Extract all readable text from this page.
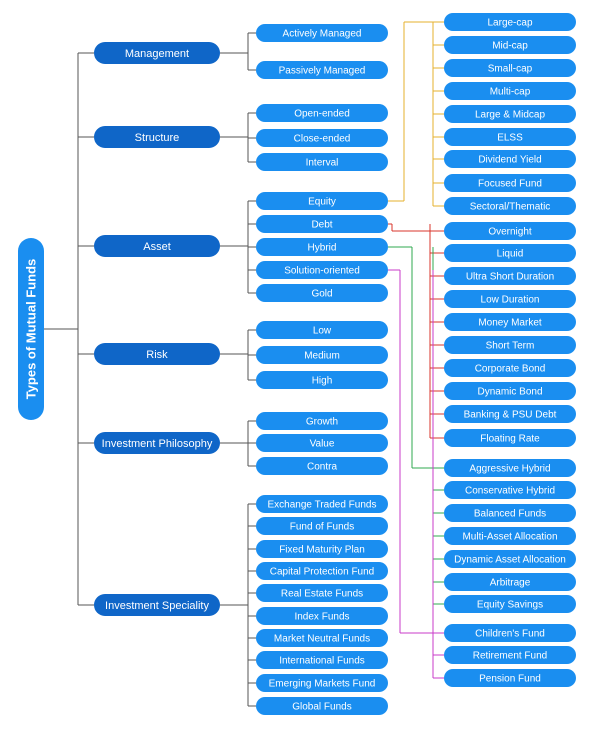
Types of Mutual Funds
Management
Actively Managed
Passively Managed
Structure
Open-ended
Close-ended
Interval
Asset
Equity
Debt
Hybrid
Solution-oriented
Gold
Risk
Low
Medium
High
Investment Philosophy
Growth
Value
Contra
Investment Speciality
Exchange Traded Funds
Fund of Funds
Fixed Maturity Plan
Capital Protection Fund
Real Estate Funds
Index Funds
Market Neutral Funds
International Funds
Emerging Markets Fund
Global Funds
Large-cap
Mid-cap
Small-cap
Multi-cap
Large & Midcap
ELSS
Dividend Yield
Focused Fund
Sectoral/Thematic
Overnight
Liquid
Ultra Short Duration
Low Duration
Money Market
Short Term
Corporate Bond
Dynamic Bond
Banking & PSU Debt
Floating Rate
Aggressive Hybrid
Conservative Hybrid
Balanced Funds
Multi-Asset Allocation
Dynamic Asset Allocation
Arbitrage
Equity Savings
Children's Fund
Retirement Fund
Pension Fund
